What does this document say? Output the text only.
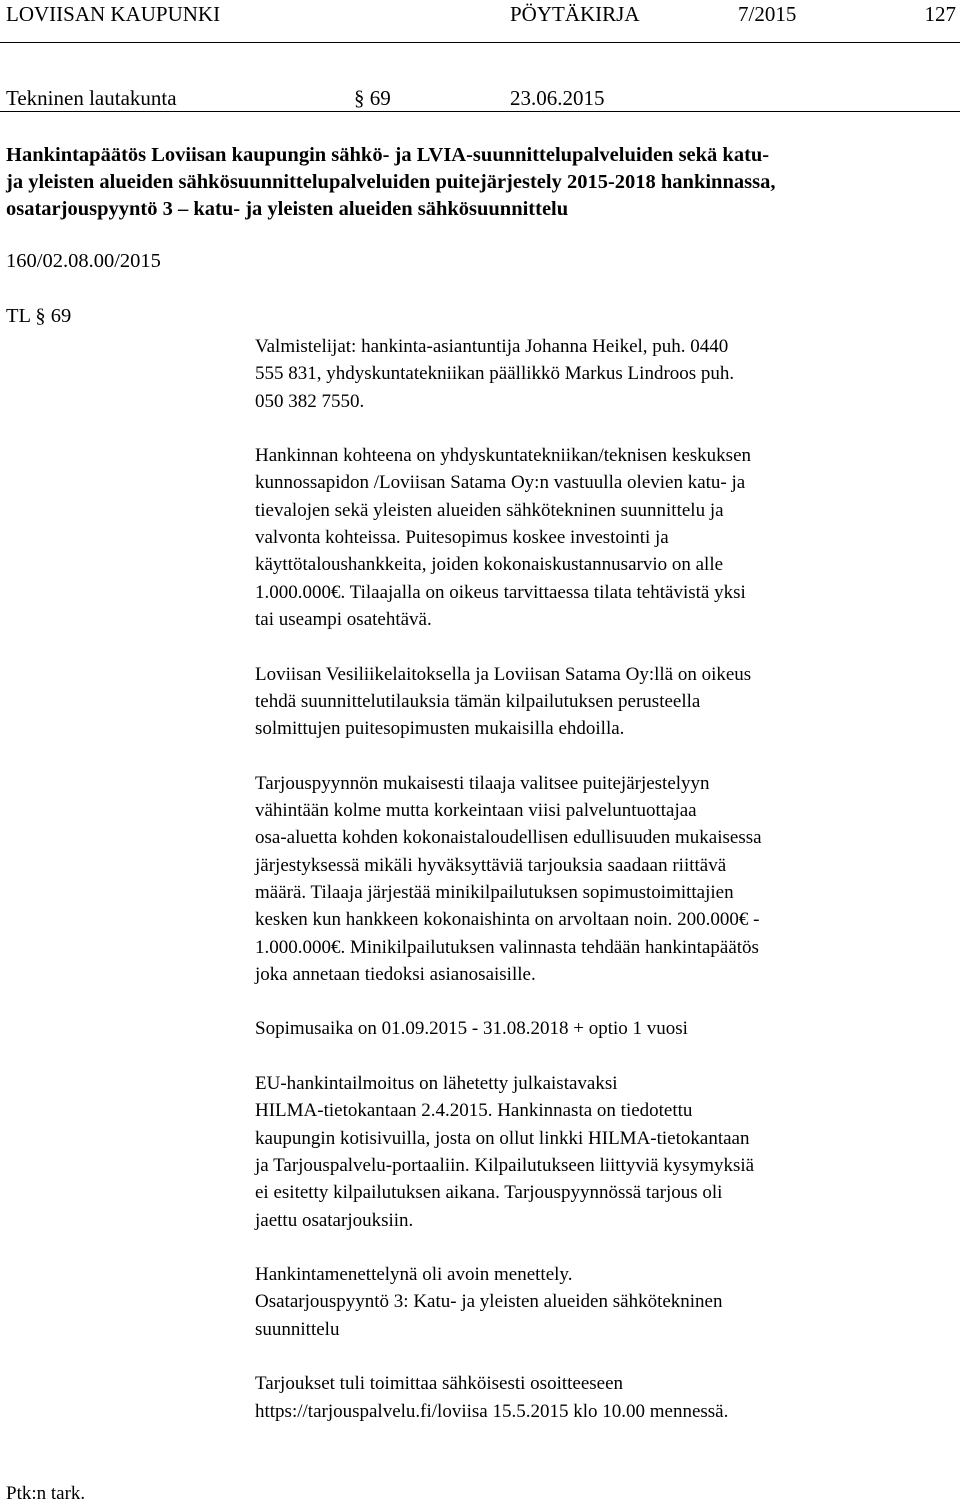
LOVIISAN KAUPUNKI	PÖYTÄKIRJA	7/2015	127
Tekninen lautakunta	§ 69	23.06.2015
Hankintapäätös Loviisan kaupungin sähkö- ja LVIA-suunnittelupalveluiden sekä katu-
ja yleisten alueiden sähkösuunnittelupalveluiden puitejärjestely 2015-2018 hankinnassa,
osatarjouspyyntö 3 – katu- ja yleisten alueiden sähkösuunnittelu
160/02.08.00/2015
TL § 69
Valmistelijat: hankinta-asiantuntija Johanna Heikel, puh. 0440
555 831, yhdyskuntatekniikan päällikkö Markus Lindroos puh.
050 382 7550.
Hankinnan kohteena on yhdyskuntatekniikan/teknisen keskuksen
kunnossapidon /Loviisan Satama Oy:n vastuulla olevien katu- ja
tievalojen sekä yleisten alueiden sähkötekninen suunnittelu ja
valvonta kohteissa. Puitesopimus koskee investointi ja
käyttötaloushankkeita, joiden kokonaiskustannusarvio on alle
1.000.000€. Tilaajalla on oikeus tarvittaessa tilata tehtävistä yksi
tai useampi osatehtävä.
Loviisan Vesiliikelaitoksella ja Loviisan Satama Oy:llä on oikeus
tehdä suunnittelutilauksia tämän kilpailutuksen perusteella
solmittujen puitesopimusten mukaisilla ehdoilla.
Tarjouspyynnön mukaisesti tilaaja valitsee puitejärjestelyyn
vähintään kolme mutta korkeintaan viisi palveluntuottajaa
osa-aluetta kohden kokonaistaloudellisen edullisuuden mukaisessa
järjestyksessä mikäli hyväksyttäviä tarjouksia saadaan riittävä
määrä. Tilaaja järjestää minikilpailutuksen sopimustoimittajien
kesken kun hankkeen kokonaishinta on arvoltaan noin. 200.000€ -
1.000.000€. Minikilpailutuksen valinnasta tehdään hankintapäätös
joka annetaan tiedoksi asianosaisille.
Sopimusaika on 01.09.2015 - 31.08.2018 + optio 1 vuosi
EU-hankintailmoitus on lähetetty julkaistavaksi
HILMA-tietokantaan 2.4.2015. Hankinnasta on tiedotettu
kaupungin kotisivuilla, josta on ollut linkki HILMA-tietokantaan
ja Tarjouspalvelu-portaaliin. Kilpailutukseen liittyviä kysymyksiä
ei esitetty kilpailutuksen aikana. Tarjouspyynnössä tarjous oli
jaettu osatarjouksiin.
Hankintamenettelynä oli avoin menettely.
Osatarjouspyyntö 3: Katu- ja yleisten alueiden sähkötekninen
suunnittelu
Tarjoukset tuli toimittaa sähköisesti osoitteeseen
https://tarjouspalvelu.fi/loviisa 15.5.2015 klo 10.00 mennessä.
Ptk:n tark.
